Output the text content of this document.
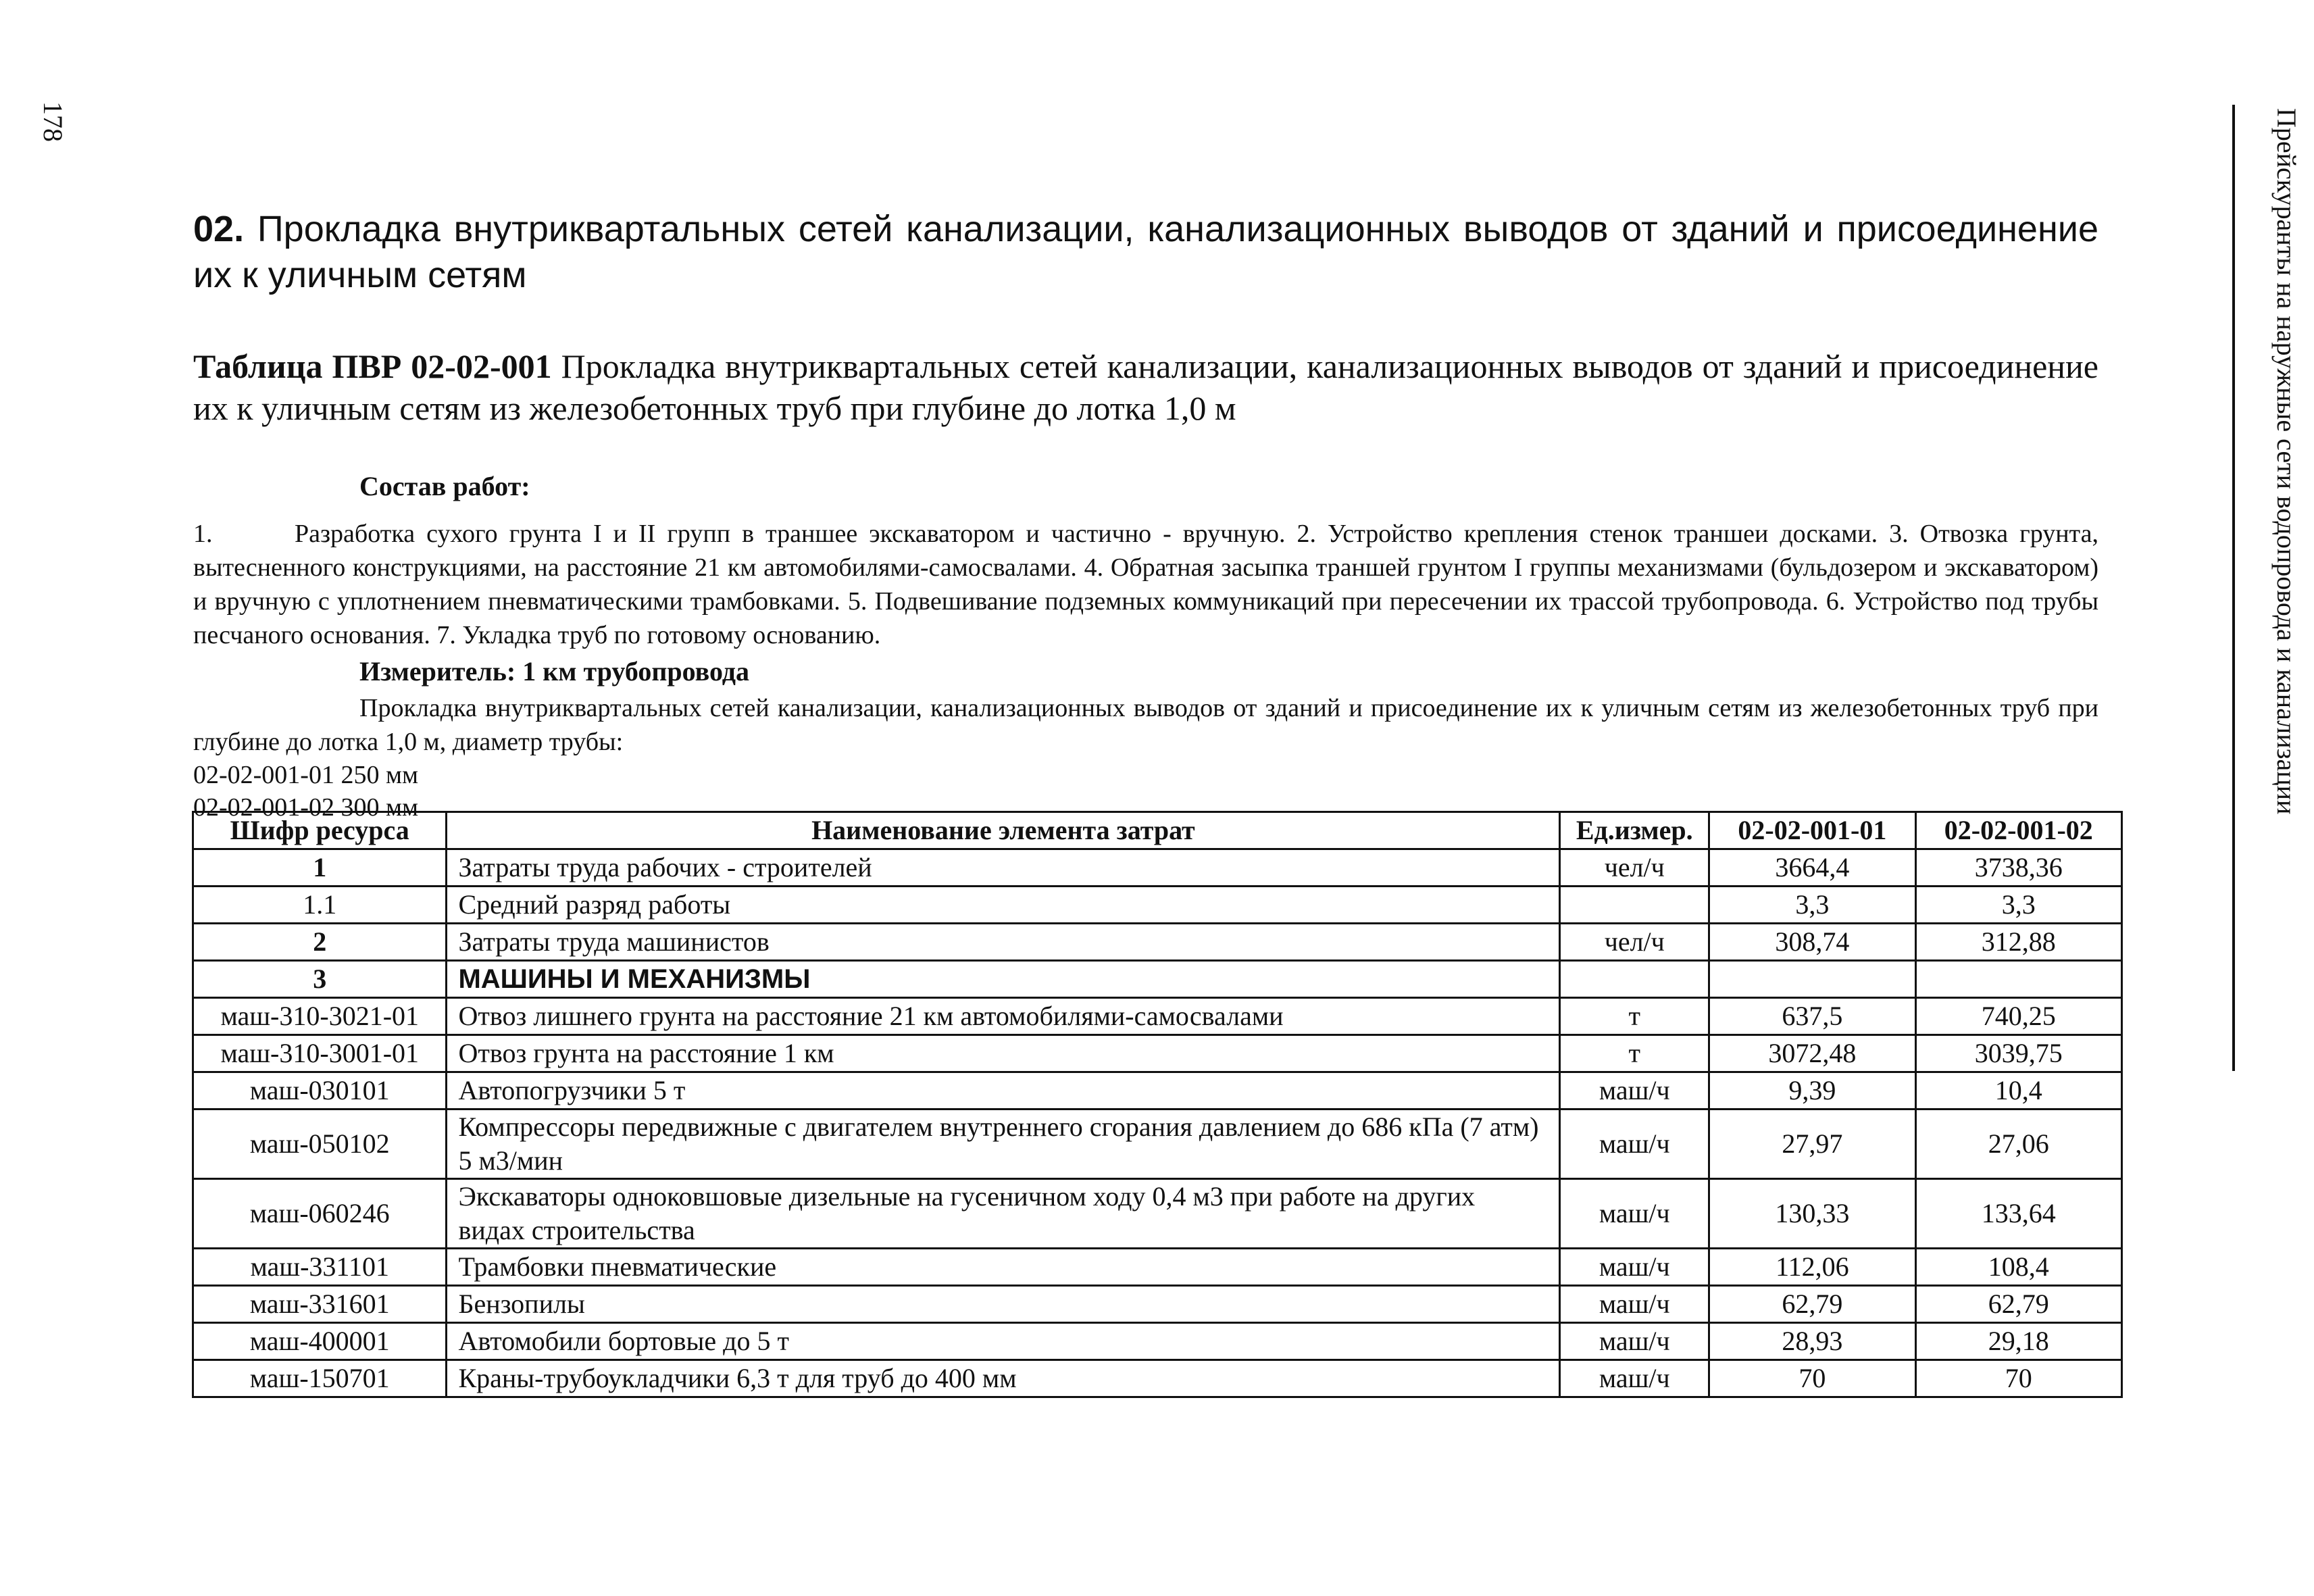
178	Прейскуранты на наружные сети водопровода и канализации

02. Прокладка внутриквартальных сетей канализации, канализационных выводов от зданий и присоединение их к уличным сетям

Таблица ПВР 02-02-001 Прокладка внутриквартальных сетей канализации, канализационных выводов от зданий и присоединение их к уличным сетям из железобетонных труб при глубине до лотка 1,0 м

Состав работ:
1.	Разработка сухого грунта I и II групп в траншее экскаватором и частично - вручную. 2. Устройство крепления стенок траншеи досками. 3. Отвозка грунта, вытесненного конструкциями, на расстояние 21 км автомобилями-самосвалами. 4. Обратная засыпка траншей грунтом I группы механизмами (бульдозером и экскаватором) и вручную с уплотнением пневматическими трамбовками. 5. Подвешивание подземных коммуникаций при пересечении их трассой трубопровода. 6. Устройство под трубы песчаного основания. 7. Укладка труб по готовому основанию.
Измеритель: 1 км трубопровода
Прокладка внутриквартальных сетей канализации, канализационных выводов от зданий и присоединение их к уличным сетям из железобетонных труб при глубине до лотка 1,0 м, диаметр трубы:
02-02-001-01 250 мм
02-02-001-02 300 мм
Шифр ресурса	Наименование элемента затрат	Ед.измер.	02-02-001-01	02-02-001-02
1	Затраты труда рабочих - строителей	чел/ч	3664,4	3738,36
1.1	Средний разряд работы		3,3	3,3
2	Затраты труда машинистов	чел/ч	308,74	312,88
3	МАШИНЫ И МЕХАНИЗМЫ			
маш-310-3021-01	Отвоз лишнего грунта на расстояние 21 км автомобилями-самосвалами	т	637,5	740,25
маш-310-3001-01	Отвоз грунта на расстояние 1 км	т	3072,48	3039,75
маш-030101	Автопогрузчики 5 т	маш/ч	9,39	10,4
маш-050102	Компрессоры передвижные с двигателем внутреннего сгорания давлением до 686 кПа (7 атм) 5 м3/мин	маш/ч	27,97	27,06
маш-060246	Экскаваторы одноковшовые дизельные на гусеничном ходу 0,4 м3 при работе на других видах строительства	маш/ч	130,33	133,64
маш-331101	Трамбовки пневматические	маш/ч	112,06	108,4
маш-331601	Бензопилы	маш/ч	62,79	62,79
маш-400001	Автомобили бортовые до 5 т	маш/ч	28,93	29,18
маш-150701	Краны-трубоукладчики 6,3 т для труб до 400 мм	маш/ч	70	70
